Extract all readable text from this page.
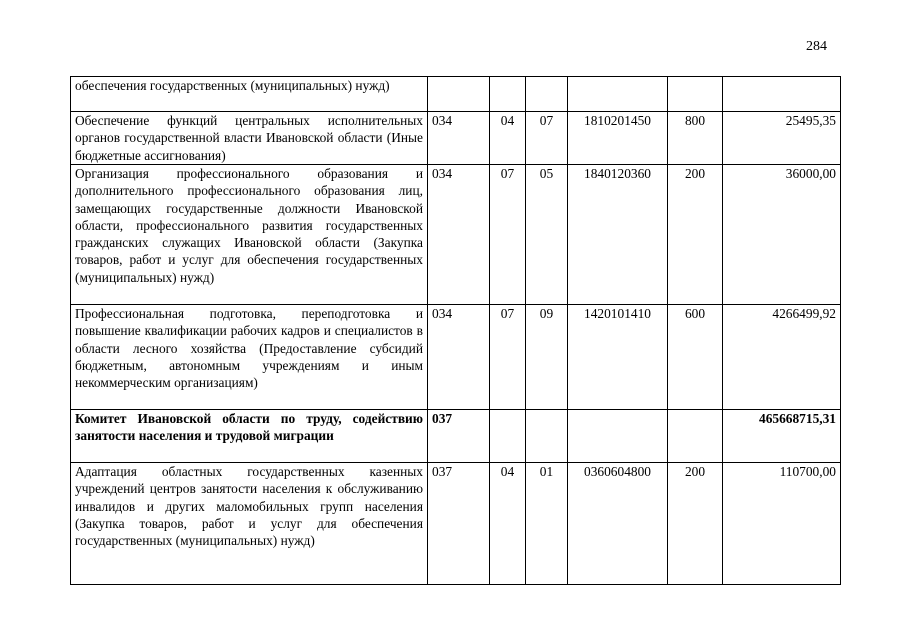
284
обеспечения государственных (муниципальных) нужд)						
Обеспечение функций центральных исполнительных органов государственной власти Ивановской области (Иные бюджетные ассигнования)	034	04	07	1810201450	800	25495,35
Организация профессионального образования и дополнительного профессионального образования лиц, замещающих государственные должности Ивановской области, профессионального развития государственных гражданских служащих Ивановской области (Закупка товаров, работ и услуг для обеспечения государственных (муниципальных) нужд)	034	07	05	1840120360	200	36000,00
Профессиональная подготовка, переподготовка и повышение квалификации рабочих кадров и специалистов в области лесного хозяйства (Предоставление субсидий бюджетным, автономным учреждениям и иным некоммерческим организациям)	034	07	09	1420101410	600	4266499,92
Комитет Ивановской области по труду, содействию занятости населения и трудовой миграции	037					465668715,31
Адаптация областных государственных казенных учреждений центров занятости населения к обслуживанию инвалидов и других маломобильных групп населения (Закупка товаров, работ и услуг для обеспечения государственных (муниципальных) нужд)	037	04	01	0360604800	200	110700,00
